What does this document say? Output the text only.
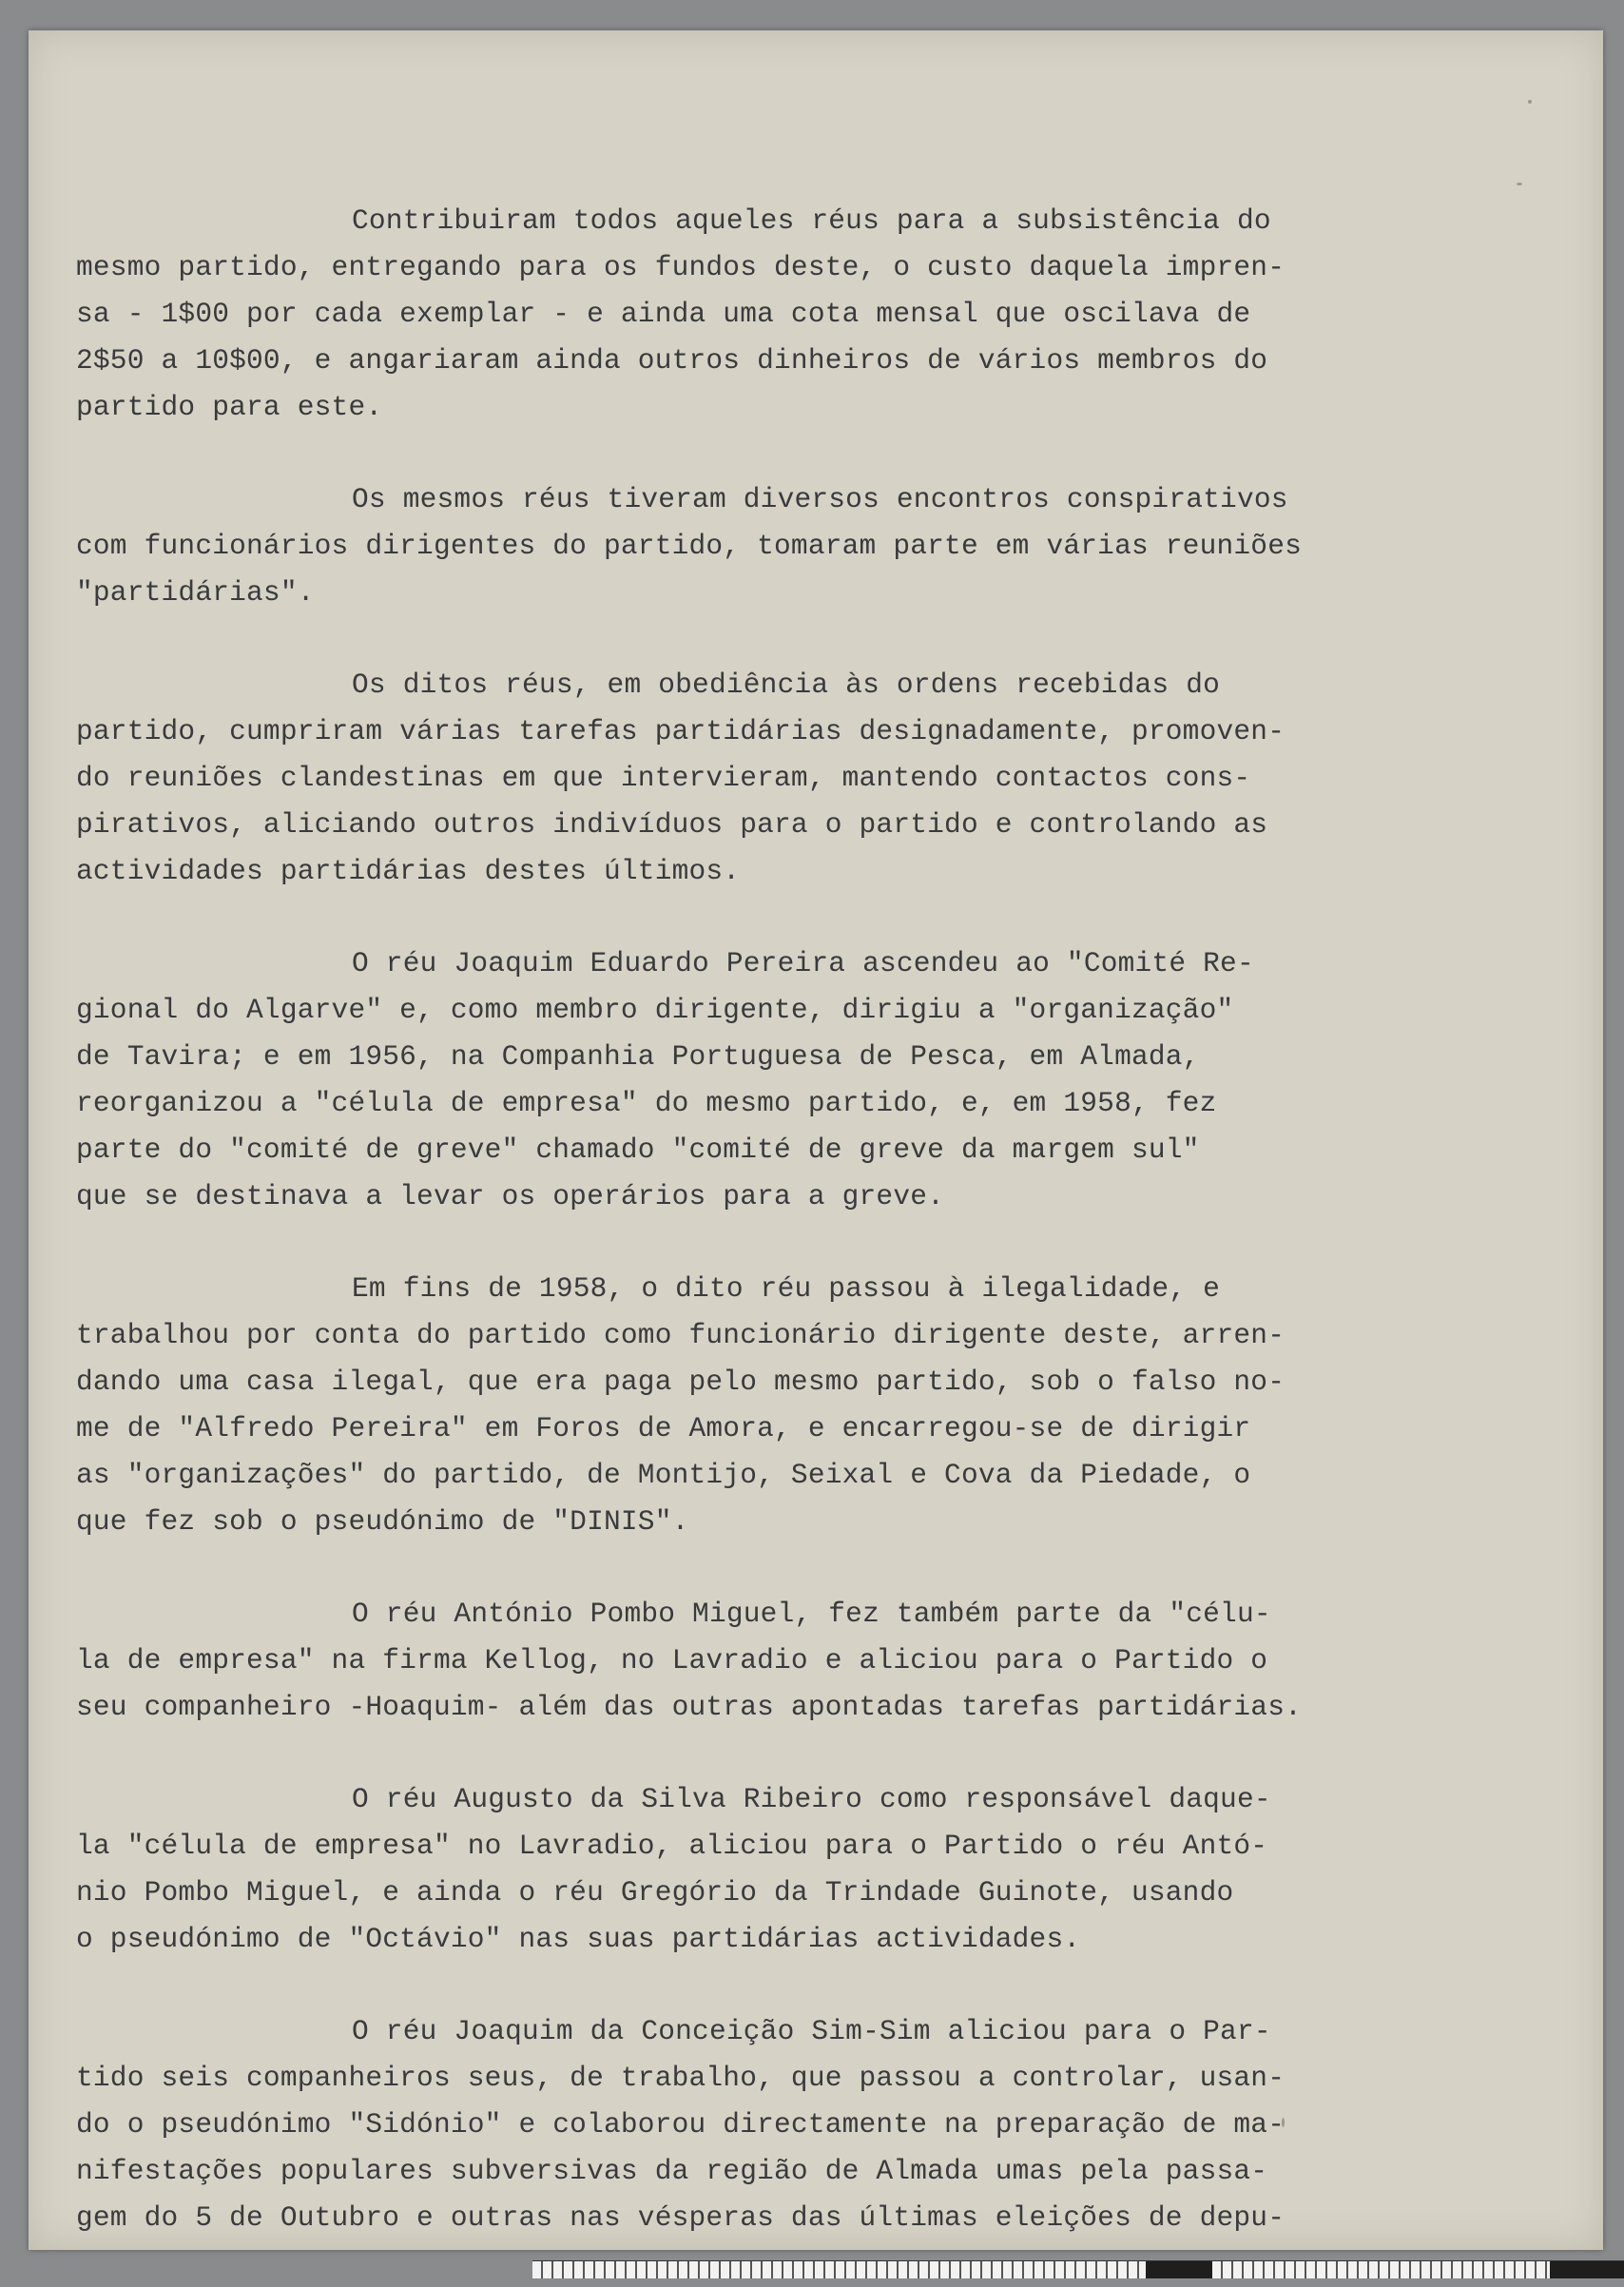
Contribuiram todos aqueles réus para a subsistência do
mesmo partido, entregando para os fundos deste, o custo daquela impren-
sa - 1$00 por cada exemplar - e ainda uma cota mensal que oscilava de
2$50 a 10$00, e angariaram ainda outros dinheiros de vários membros do
partido para este.
Os mesmos réus tiveram diversos encontros conspirativos
com funcionários dirigentes do partido, tomaram parte em várias reuniões
"partidárias".
Os ditos réus, em obediência às ordens recebidas do
partido, cumpriram várias tarefas partidárias designadamente, promoven-
do reuniões clandestinas em que intervieram, mantendo contactos cons-
pirativos, aliciando outros indivíduos para o partido e controlando as
actividades partidárias destes últimos.
O réu Joaquim Eduardo Pereira ascendeu ao "Comité Re-
gional do Algarve" e, como membro dirigente, dirigiu a "organização"
de Tavira; e em 1956, na Companhia Portuguesa de Pesca, em Almada,
reorganizou a "célula de empresa" do mesmo partido, e, em 1958, fez
parte do "comité de greve" chamado "comité de greve da margem sul"
que se destinava a levar os operários para a greve.
Em fins de 1958, o dito réu passou à ilegalidade, e
trabalhou por conta do partido como funcionário dirigente deste, arren-
dando uma casa ilegal, que era paga pelo mesmo partido, sob o falso no-
me de "Alfredo Pereira" em Foros de Amora, e encarregou-se de dirigir
as "organizações" do partido, de Montijo, Seixal e Cova da Piedade, o
que fez sob o pseudónimo de "DINIS".
O réu António Pombo Miguel, fez também parte da "célu-
la de empresa" na firma Kellog, no Lavradio e aliciou para o Partido o
seu companheiro -Hoaquim- além das outras apontadas tarefas partidárias.
O réu Augusto da Silva Ribeiro como responsável daque-
la "célula de empresa" no Lavradio, aliciou para o Partido o réu Antó-
nio Pombo Miguel, e ainda o réu Gregório da Trindade Guinote, usando
o pseudónimo de "Octávio" nas suas partidárias actividades.
O réu Joaquim da Conceição Sim-Sim aliciou para o Par-
tido seis companheiros seus, de trabalho, que passou a controlar, usan-
do o pseudónimo "Sidónio" e colaborou directamente na preparação de ma-
nifestações populares subversivas da região de Almada umas pela passa-
gem do 5 de Outubro e outras nas vésperas das últimas eleições de depu-
